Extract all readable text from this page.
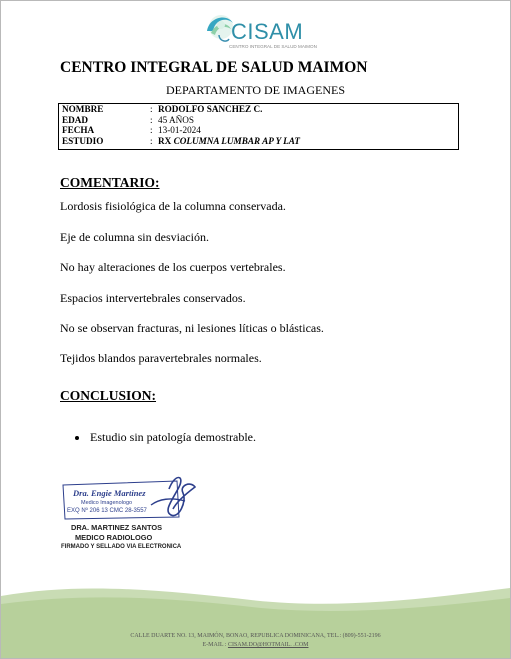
CISAM
CENTRO INTEGRAL DE SALUD MAIMON
CENTRO INTEGRAL DE SALUD MAIMON
DEPARTAMENTO DE IMAGENES
NOMBRE	: RODOLFO SANCHEZ C.
EDAD	: 45 AÑOS
FECHA	: 13-01-2024
ESTUDIO	: RX COLUMNA LUMBAR AP Y LAT
COMENTARIO:
Lordosis fisiológica de la columna conservada.
Eje de columna sin desviación.
No hay alteraciones de los cuerpos vertebrales.
Espacios intervertebrales conservados.
No se observan fracturas, ni lesiones líticas o blásticas.
Tejidos blandos paravertebrales normales.
CONCLUSION:
Estudio sin patología demostrable.
Dra. Engie Martinez
Medico Imagenologo
EXQ Nº 206 13 CMC 28-3557
DRA. MARTINEZ SANTOS
MEDICO RADIOLOGO
FIRMADO Y SELLADO VIA ELECTRONICA
CALLE DUARTE NO. 13, MAIMÓN, BONAO, REPUBLICA DOMINICANA, TEL.: (809)-551-2196
E-MAIL : CISAM.DO@HOTMAIL. .COM
